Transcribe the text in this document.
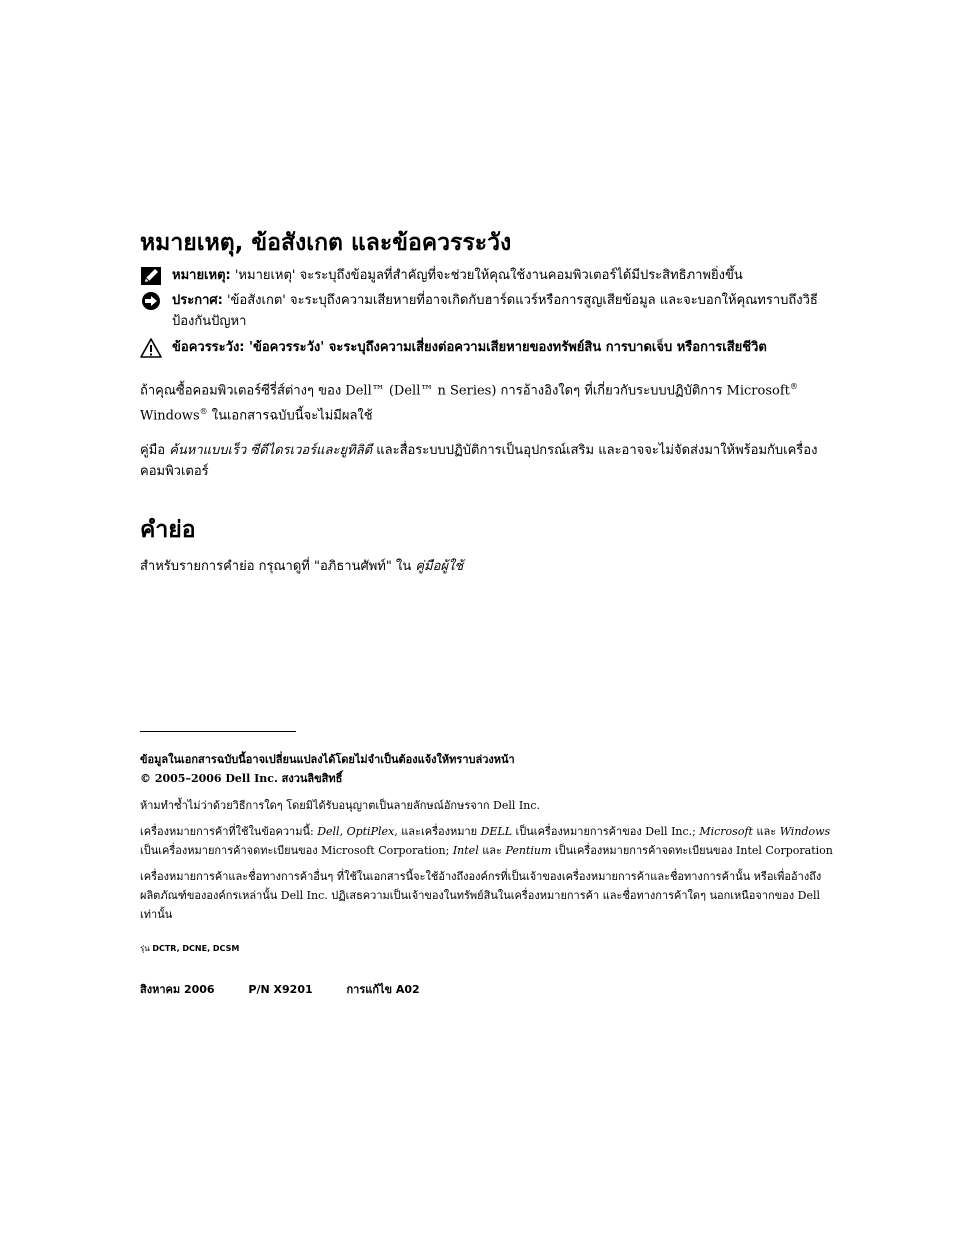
หมายเหตุ, ข้อสังเกต และข้อควรระวัง
หมายเหตุ: 'หมายเหตุ' จะระบุถึงข้อมูลที่สำคัญที่จะช่วยให้คุณใช้งานคอมพิวเตอร์ได้มีประสิทธิภาพยิ่งขึ้น
ประกาศ: 'ข้อสังเกต' จะระบุถึงความเสียหายที่อาจเกิดกับฮาร์ดแวร์หรือการสูญเสียข้อมูล และจะบอกให้คุณทราบถึงวิธีป้องกันปัญหา
ข้อควรระวัง: 'ข้อควรระวัง' จะระบุถึงความเสี่ยงต่อความเสียหายของทรัพย์สิน การบาดเจ็บ หรือการเสียชีวิต
ถ้าคุณซื้อคอมพิวเตอร์ซีรี่ส์ต่างๆ ของ Dell™ (Dell™ n Series) การอ้างอิงใดๆ ที่เกี่ยวกับระบบปฏิบัติการ Microsoft®
Windows® ในเอกสารฉบับนี้จะไม่มีผลใช้
คู่มือ ค้นหาแบบเร็ว ซีดีไดรเวอร์และยูทิลิตี และสื่อระบบปฏิบัติการเป็นอุปกรณ์เสริม และอาจจะไม่จัดส่งมาให้พร้อมกับเครื่องคอมพิวเตอร์
คำย่อ
สำหรับรายการคำย่อ กรุณาดูที่ "อภิธานศัพท์" ใน คู่มือผู้ใช้
ข้อมูลในเอกสารฉบับนี้อาจเปลี่ยนแปลงได้โดยไม่จำเป็นต้องแจ้งให้ทราบล่วงหน้า
© 2005–2006 Dell Inc. สงวนลิขสิทธิ์
ห้ามทำซ้ำไม่ว่าด้วยวิธีการใดๆ โดยมิได้รับอนุญาตเป็นลายลักษณ์อักษรจาก Dell Inc.
เครื่องหมายการค้าที่ใช้ในข้อความนี้: Dell, OptiPlex, และเครื่องหมาย DELL เป็นเครื่องหมายการค้าของ Dell Inc.; Microsoft และ Windows เป็นเครื่องหมายการค้าจดทะเบียนของ Microsoft Corporation; Intel และ Pentium เป็นเครื่องหมายการค้าจดทะเบียนของ Intel Corporation
เครื่องหมายการค้าและชื่อทางการค้าอื่นๆ ที่ใช้ในเอกสารนี้จะใช้อ้างถึงองค์กรที่เป็นเจ้าของเครื่องหมายการค้าและชื่อทางการค้านั้น หรือเพื่ออ้างถึงผลิตภัณฑ์ขององค์กรเหล่านั้น Dell Inc. ปฏิเสธความเป็นเจ้าของในทรัพย์สินในเครื่องหมายการค้า และชื่อทางการค้าใดๆ นอกเหนือจากของ Dell เท่านั้น
รุ่น DCTR, DCNE, DCSM
สิงหาคม 2006	P/N X9201	การแก้ไข A02
